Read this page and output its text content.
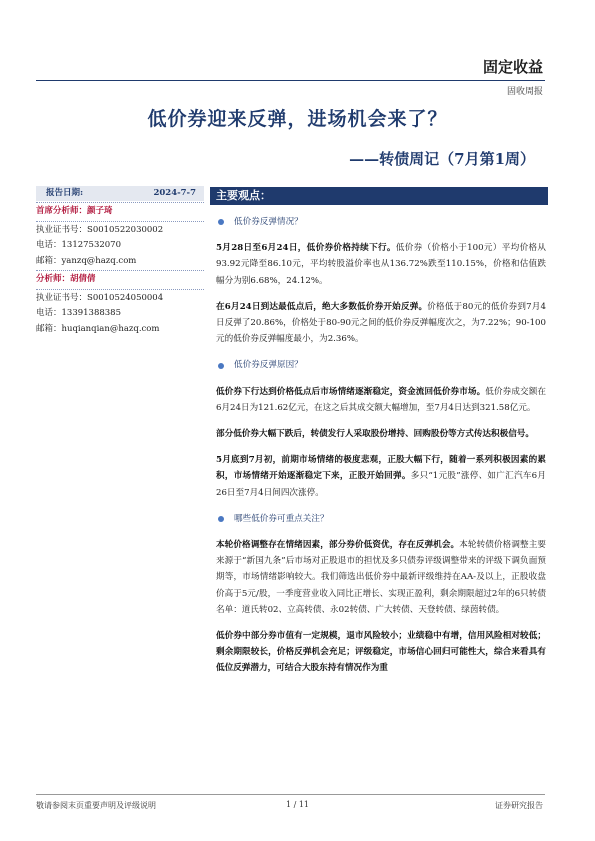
固定收益
固收周报
低价券迎来反弹，进场机会来了？
——转债周记（7月第1周）
报告日期:	2024-7-7
首席分析师：颜子琦
执业证书号：S0010522030002
电话：13127532070
邮箱：yanzq@hazq.com
分析师：胡倩倩
执业证书号：S0010524050004
电话：13391388385
邮箱：huqianqian@hazq.com
主要观点：
低价券反弹情况？

5月28日至6月24日，低价券价格持续下行。低价券（价格小于100元）平均价格从93.92元降至86.10元，平均转股溢价率也从136.72%跌至110.15%，价格和估值跌幅分为别6.68%，24.12%。

在6月24日到达最低点后，绝大多数低价券开始反弹。价格低于80元的低价券到7月4日反弹了20.86%，价格处于80-90元之间的低价券反弹幅度次之，为7.22%；90-100元的低价券反弹幅度最小，为2.36%。

低价券反弹原因？

低价券下行达到价格低点后市场情绪逐渐稳定，资金流回低价券市场。低价券成交额在6月24日为121.62亿元，在这之后其成交额大幅增加，至7月4日达到321.58亿元。

部分低价券大幅下跌后，转债发行人采取股份增持、回购股份等方式传达积极信号。

5月底到7月初，前期市场情绪的极度悲观，正股大幅下行，随着一系列积极因素的累积，市场情绪开始逐渐稳定下来，正股开始回弹。多只“1元股”涨停、如广汇汽车6月26日至7月4日间四次涨停。

哪些低价券可重点关注？

本轮价格调整存在情绪因素，部分券价低资优，存在反弹机会。本轮转债价格调整主要来源于“新国九条”后市场对正股退市的担忧及多只债券评级调整带来的评级下调负面预期等，市场情绪影响较大。我们筛选出低价券中最新评级维持在AA-及以上，正股收盘价高于5元/股，一季度营业收入同比正增长、实现正盈利，剩余期限超过2年的6只转债名单：道氏转02、立高转债、永02转债、广大转债、天登转债、绿茵转债。

低价券中部分券市值有一定规模，退市风险较小；业绩稳中有增，信用风险相对较低；剩余期限较长，价格反弹机会充足；评级稳定，市场信心回归可能性大，综合来看具有低位反弹潜力，可结合大股东持有情况作为重

敬请参阅末页重要声明及评级说明	1 / 11	证券研究报告
